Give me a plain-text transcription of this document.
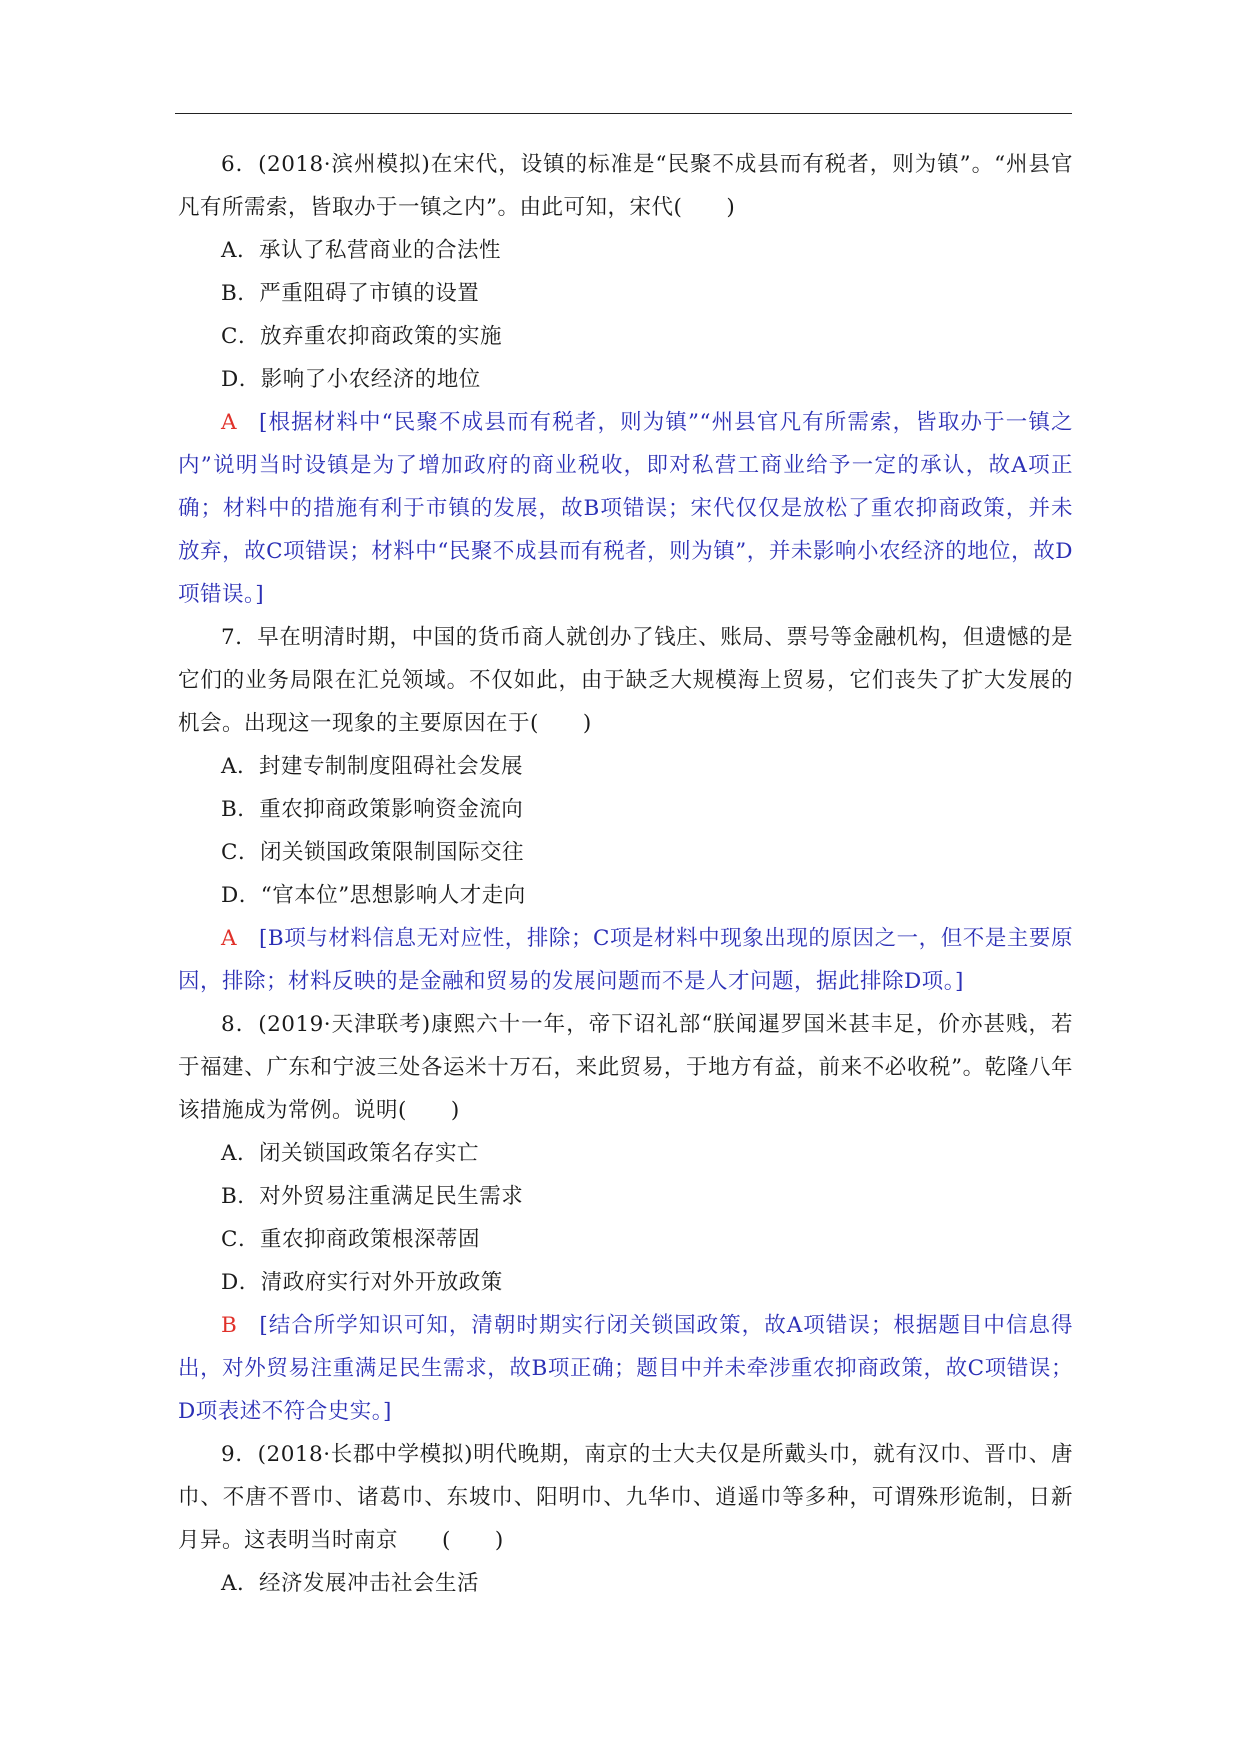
6．(2018·滨州模拟)在宋代，设镇的标准是“民聚不成县而有税者，则为镇”。“州县官凡有所需索，皆取办于一镇之内”。由此可知，宋代(　　)

A．承认了私营商业的合法性

B．严重阻碍了市镇的设置

C．放弃重农抑商政策的实施

D．影响了小农经济的地位

A [根据材料中“民聚不成县而有税者，则为镇”“州县官凡有所需索，皆取办于一镇之内”说明当时设镇是为了增加政府的商业税收，即对私营工商业给予一定的承认，故A项正确；材料中的措施有利于市镇的发展，故B项错误；宋代仅仅是放松了重农抑商政策，并未放弃，故C项错误；材料中“民聚不成县而有税者，则为镇”，并未影响小农经济的地位，故D项错误。]

7．早在明清时期，中国的货币商人就创办了钱庄、账局、票号等金融机构，但遗憾的是它们的业务局限在汇兑领域。不仅如此，由于缺乏大规模海上贸易，它们丧失了扩大发展的机会。出现这一现象的主要原因在于(　　)

A．封建专制制度阻碍社会发展

B．重农抑商政策影响资金流向

C．闭关锁国政策限制国际交往

D．“官本位”思想影响人才走向

A [B项与材料信息无对应性，排除；C项是材料中现象出现的原因之一，但不是主要原因，排除；材料反映的是金融和贸易的发展问题而不是人才问题，据此排除D项。]

8．(2019·天津联考)康熙六十一年，帝下诏礼部“朕闻暹罗国米甚丰足，价亦甚贱，若于福建、广东和宁波三处各运米十万石，来此贸易，于地方有益，前来不必收税”。乾隆八年该措施成为常例。说明(　　)

A．闭关锁国政策名存实亡

B．对外贸易注重满足民生需求

C．重农抑商政策根深蒂固

D．清政府实行对外开放政策

B [结合所学知识可知，清朝时期实行闭关锁国政策，故A项错误；根据题目中信息得出，对外贸易注重满足民生需求，故B项正确；题目中并未牵涉重农抑商政策，故C项错误；D项表述不符合史实。]

9．(2018·长郡中学模拟)明代晚期，南京的士大夫仅是所戴头巾，就有汉巾、晋巾、唐巾、不唐不晋巾、诸葛巾、东坡巾、阳明巾、九华巾、逍遥巾等多种，可谓殊形诡制，日新月异。这表明当时南京　　(　　)

A．经济发展冲击社会生活
